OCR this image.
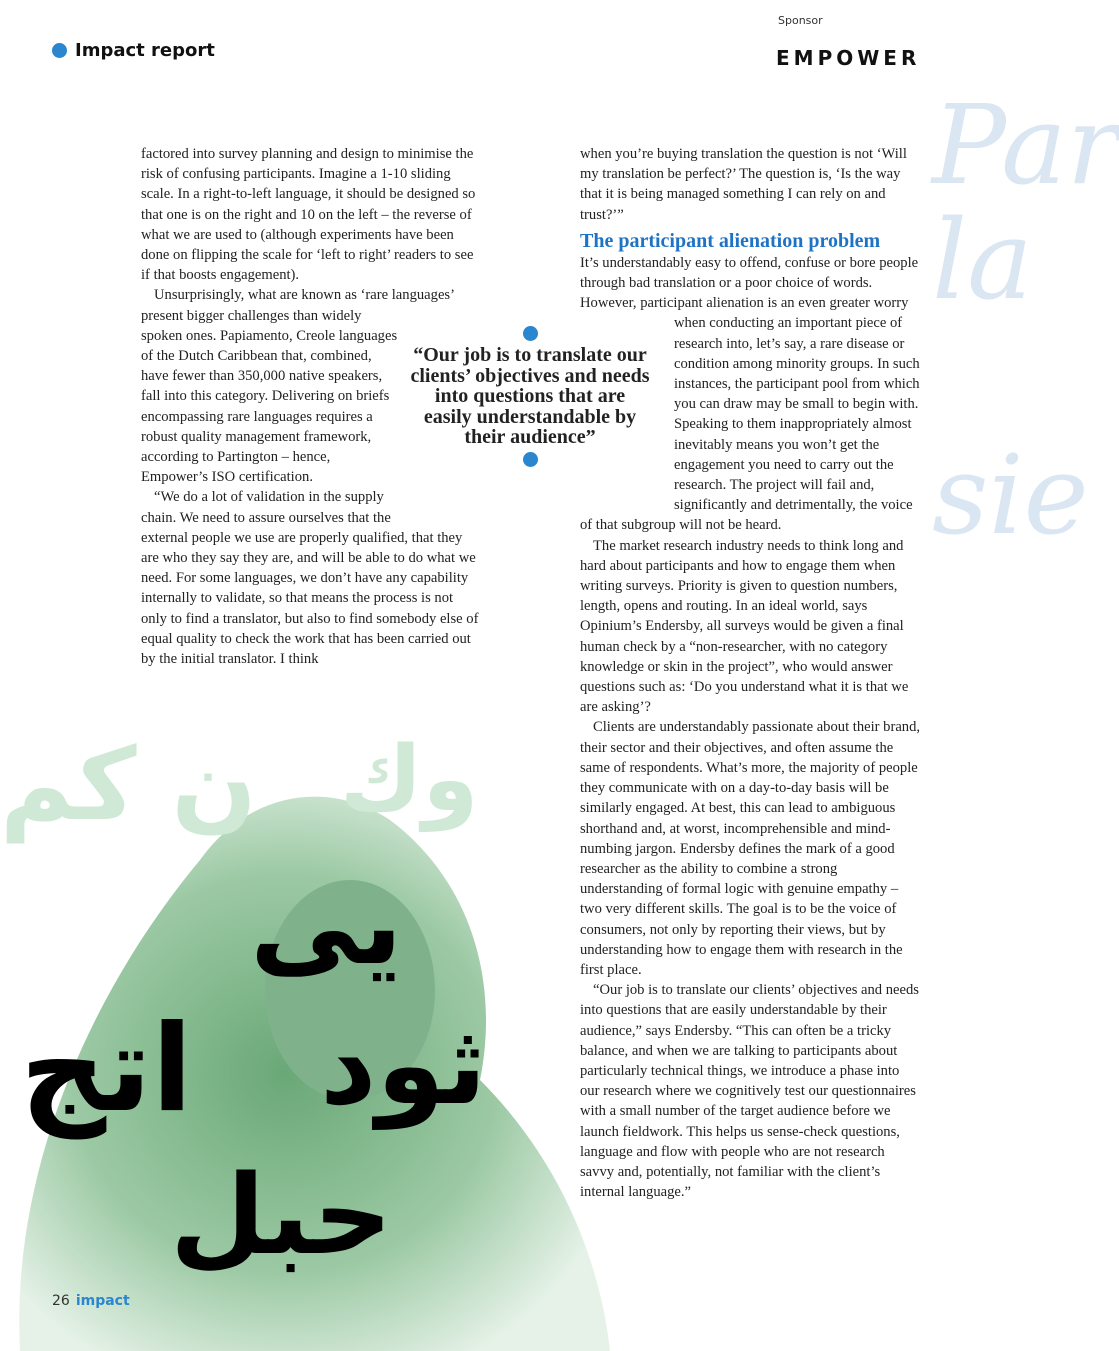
Impact report
Sponsor
EMPOWER
Par
la
sie
ن كم وك
يى
اتج ثود
حبل

factored into survey planning and design to minimise the risk of confusing participants. Imagine a 1-10 sliding scale. In a right-to-left language, it should be designed so that one is on the right and 10 on the left – the reverse of what we are used to (although experiments have been done on flipping the scale for ‘left to right’ readers to see if that boosts engagement).

Unsurprisingly, what are known as ‘rare languages’ present bigger challenges than widely spoken ones. Papiamento, Creole languages of the Dutch Caribbean that, combined, have fewer than 350,000 native speakers, fall into this category. Delivering on briefs encompassing rare languages requires a robust quality management framework, according to Partington – hence, Empower’s ISO certification.

“We do a lot of validation in the supply chain. We need to assure ourselves that the external people we use are properly qualified, that they are who they say they are, and will be able to do what we need. For some languages, we don’t have any capability internally to validate, so that means the process is not only to find a translator, but also to find somebody else of equal quality to check the work that has been carried out by the initial translator. I think

“Our job is to translate our clients’ objectives and needs into questions that are easily understandable by their audience”

when you’re buying translation the question is not ‘Will my translation be perfect?’ The question is, ‘Is the way that it is being managed something I can rely on and trust?’”

The participant alienation problem

It’s understandably easy to offend, confuse or bore people through bad translation or a poor choice of words. However, participant alienation is an even greater worry when conducting an important piece of research into, let’s say, a rare disease or condition among minority groups. In such instances, the participant pool from which you can draw may be small to begin with. Speaking to them inappropriately almost inevitably means you won’t get the engagement you need to carry out the research. The project will fail and, significantly and detrimentally, the voice of that subgroup will not be heard.

The market research industry needs to think long and hard about participants and how to engage them when writing surveys. Priority is given to question numbers, length, opens and routing. In an ideal world, says Opinium’s Endersby, all surveys would be given a final human check by a “non-researcher, with no category knowledge or skin in the project”, who would answer questions such as: ‘Do you understand what it is that we are asking’?

Clients are understandably passionate about their brand, their sector and their objectives, and often assume the same of respondents. What’s more, the majority of people they communicate with on a day-to-day basis will be similarly engaged. At best, this can lead to ambiguous shorthand and, at worst, incomprehensible and mind-numbing jargon. Endersby defines the mark of a good researcher as the ability to combine a strong understanding of formal logic with genuine empathy – two very different skills. The goal is to be the voice of consumers, not only by reporting their views, but by understanding how to engage them with research in the first place.

“Our job is to translate our clients’ objectives and needs into questions that are easily understandable by their audience,” says Endersby. “This can often be a tricky balance, and when we are talking to participants about particularly technical things, we introduce a phase into our research where we cognitively test our questionnaires with a small number of the target audience before we launch fieldwork. This helps us sense-check questions, language and flow with people who are not research savvy and, potentially, not familiar with the client’s internal language.”

26 impact
